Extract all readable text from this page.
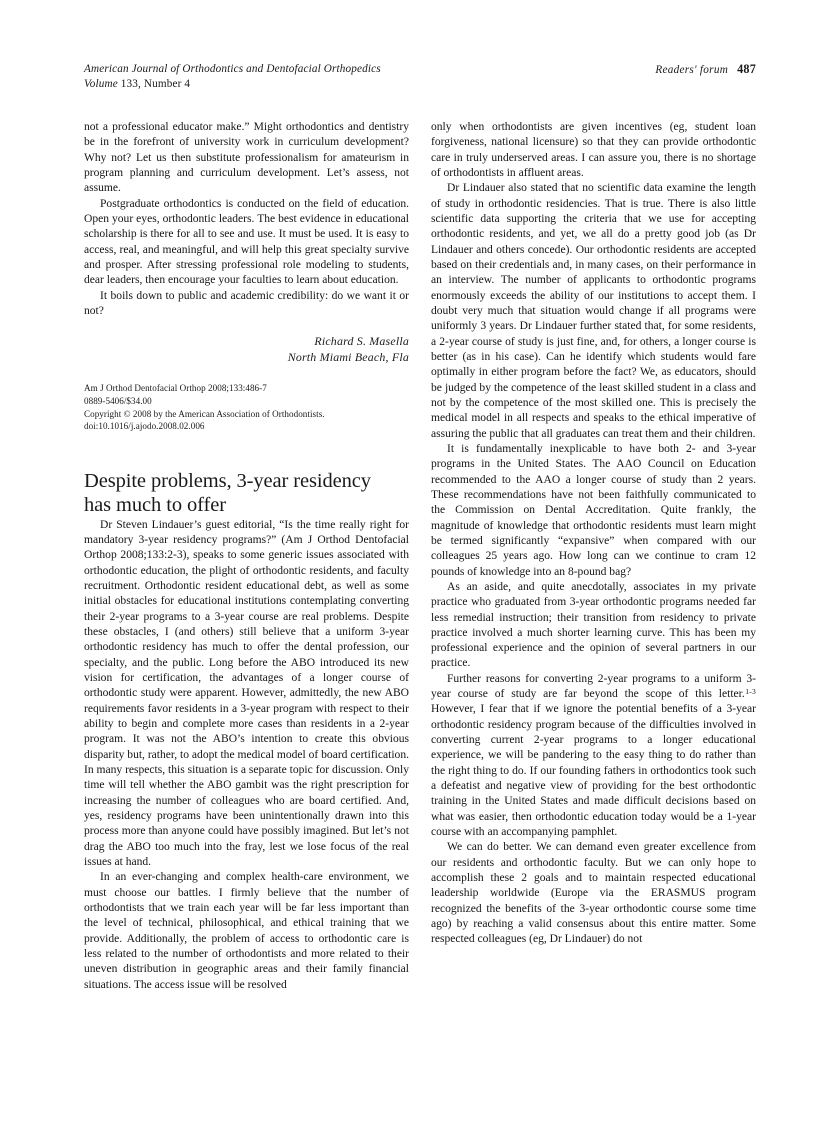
American Journal of Orthodontics and Dentofacial Orthopedics
Volume 133, Number 4
Readers' forum 487

not a professional educator make.” Might orthodontics and dentistry be in the forefront of university work in curriculum development? Why not? Let us then substitute professionalism for amateurism in program planning and curriculum development. Let’s assess, not assume.

Postgraduate orthodontics is conducted on the field of education. Open your eyes, orthodontic leaders. The best evidence in educational scholarship is there for all to see and use. It must be used. It is easy to access, real, and meaningful, and will help this great specialty survive and prosper. After stressing professional role modeling to students, dear leaders, then encourage your faculties to learn about education.

It boils down to public and academic credibility: do we want it or not?

Richard S. Masella
North Miami Beach, Fla
Am J Orthod Dentofacial Orthop 2008;133:486-7
0889-5406/$34.00
Copyright © 2008 by the American Association of Orthodontists.
doi:10.1016/j.ajodo.2008.02.006
Despite problems, 3-year residency
has much to offer

Dr Steven Lindauer’s guest editorial, “Is the time really right for mandatory 3-year residency programs?” (Am J Orthod Dentofacial Orthop 2008;133:2-3), speaks to some generic issues associated with orthodontic education, the plight of orthodontic residents, and faculty recruitment. Orthodontic resident educational debt, as well as some initial obstacles for educational institutions contemplating converting their 2-year programs to a 3-year course are real problems. Despite these obstacles, I (and others) still believe that a uniform 3-year orthodontic residency has much to offer the dental profession, our specialty, and the public. Long before the ABO introduced its new vision for certification, the advantages of a longer course of orthodontic study were apparent. However, admittedly, the new ABO requirements favor residents in a 3-year program with respect to their ability to begin and complete more cases than residents in a 2-year program. It was not the ABO’s intention to create this obvious disparity but, rather, to adopt the medical model of board certification. In many respects, this situation is a separate topic for discussion. Only time will tell whether the ABO gambit was the right prescription for increasing the number of colleagues who are board certified. And, yes, residency programs have been unintentionally drawn into this process more than anyone could have possibly imagined. But let’s not drag the ABO too much into the fray, lest we lose focus of the real issues at hand.

In an ever-changing and complex health-care environment, we must choose our battles. I firmly believe that the number of orthodontists that we train each year will be far less important than the level of technical, philosophical, and ethical training that we provide. Additionally, the problem of access to orthodontic care is less related to the number of orthodontists and more related to their uneven distribution in geographic areas and their family financial situations. The access issue will be resolved

only when orthodontists are given incentives (eg, student loan forgiveness, national licensure) so that they can provide orthodontic care in truly underserved areas. I can assure you, there is no shortage of orthodontists in affluent areas.

Dr Lindauer also stated that no scientific data examine the length of study in orthodontic residencies. That is true. There is also little scientific data supporting the criteria that we use for accepting orthodontic residents, and yet, we all do a pretty good job (as Dr Lindauer and others concede). Our orthodontic residents are accepted based on their credentials and, in many cases, on their performance in an interview. The number of applicants to orthodontic programs enormously exceeds the ability of our institutions to accept them. I doubt very much that situation would change if all programs were uniformly 3 years. Dr Lindauer further stated that, for some residents, a 2-year course of study is just fine, and, for others, a longer course is better (as in his case). Can he identify which students would fare optimally in either program before the fact? We, as educators, should be judged by the competence of the least skilled student in a class and not by the competence of the most skilled one. This is precisely the medical model in all respects and speaks to the ethical imperative of assuring the public that all graduates can treat them and their children.

It is fundamentally inexplicable to have both 2- and 3-year programs in the United States. The AAO Council on Education recommended to the AAO a longer course of study than 2 years. These recommendations have not been faithfully communicated to the Commission on Dental Accreditation. Quite frankly, the magnitude of knowledge that orthodontic residents must learn might be termed significantly “expansive” when compared with our colleagues 25 years ago. How long can we continue to cram 12 pounds of knowledge into an 8-pound bag?

As an aside, and quite anecdotally, associates in my private practice who graduated from 3-year orthodontic programs needed far less remedial instruction; their transition from residency to private practice involved a much shorter learning curve. This has been my professional experience and the opinion of several partners in our practice.

Further reasons for converting 2-year programs to a uniform 3-year course of study are far beyond the scope of this letter.$^{1-3}$ However, I fear that if we ignore the potential benefits of a 3-year orthodontic residency program because of the difficulties involved in converting current 2-year programs to a longer educational experience, we will be pandering to the easy thing to do rather than the right thing to do. If our founding fathers in orthodontics took such a defeatist and negative view of providing for the best orthodontic training in the United States and made difficult decisions based on what was easier, then orthodontic education today would be a 1-year course with an accompanying pamphlet.

We can do better. We can demand even greater excellence from our residents and orthodontic faculty. But we can only hope to accomplish these 2 goals and to maintain respected educational leadership worldwide (Europe via the ERASMUS program recognized the benefits of the 3-year orthodontic course some time ago) by reaching a valid consensus about this entire matter. Some respected colleagues (eg, Dr Lindauer) do not
